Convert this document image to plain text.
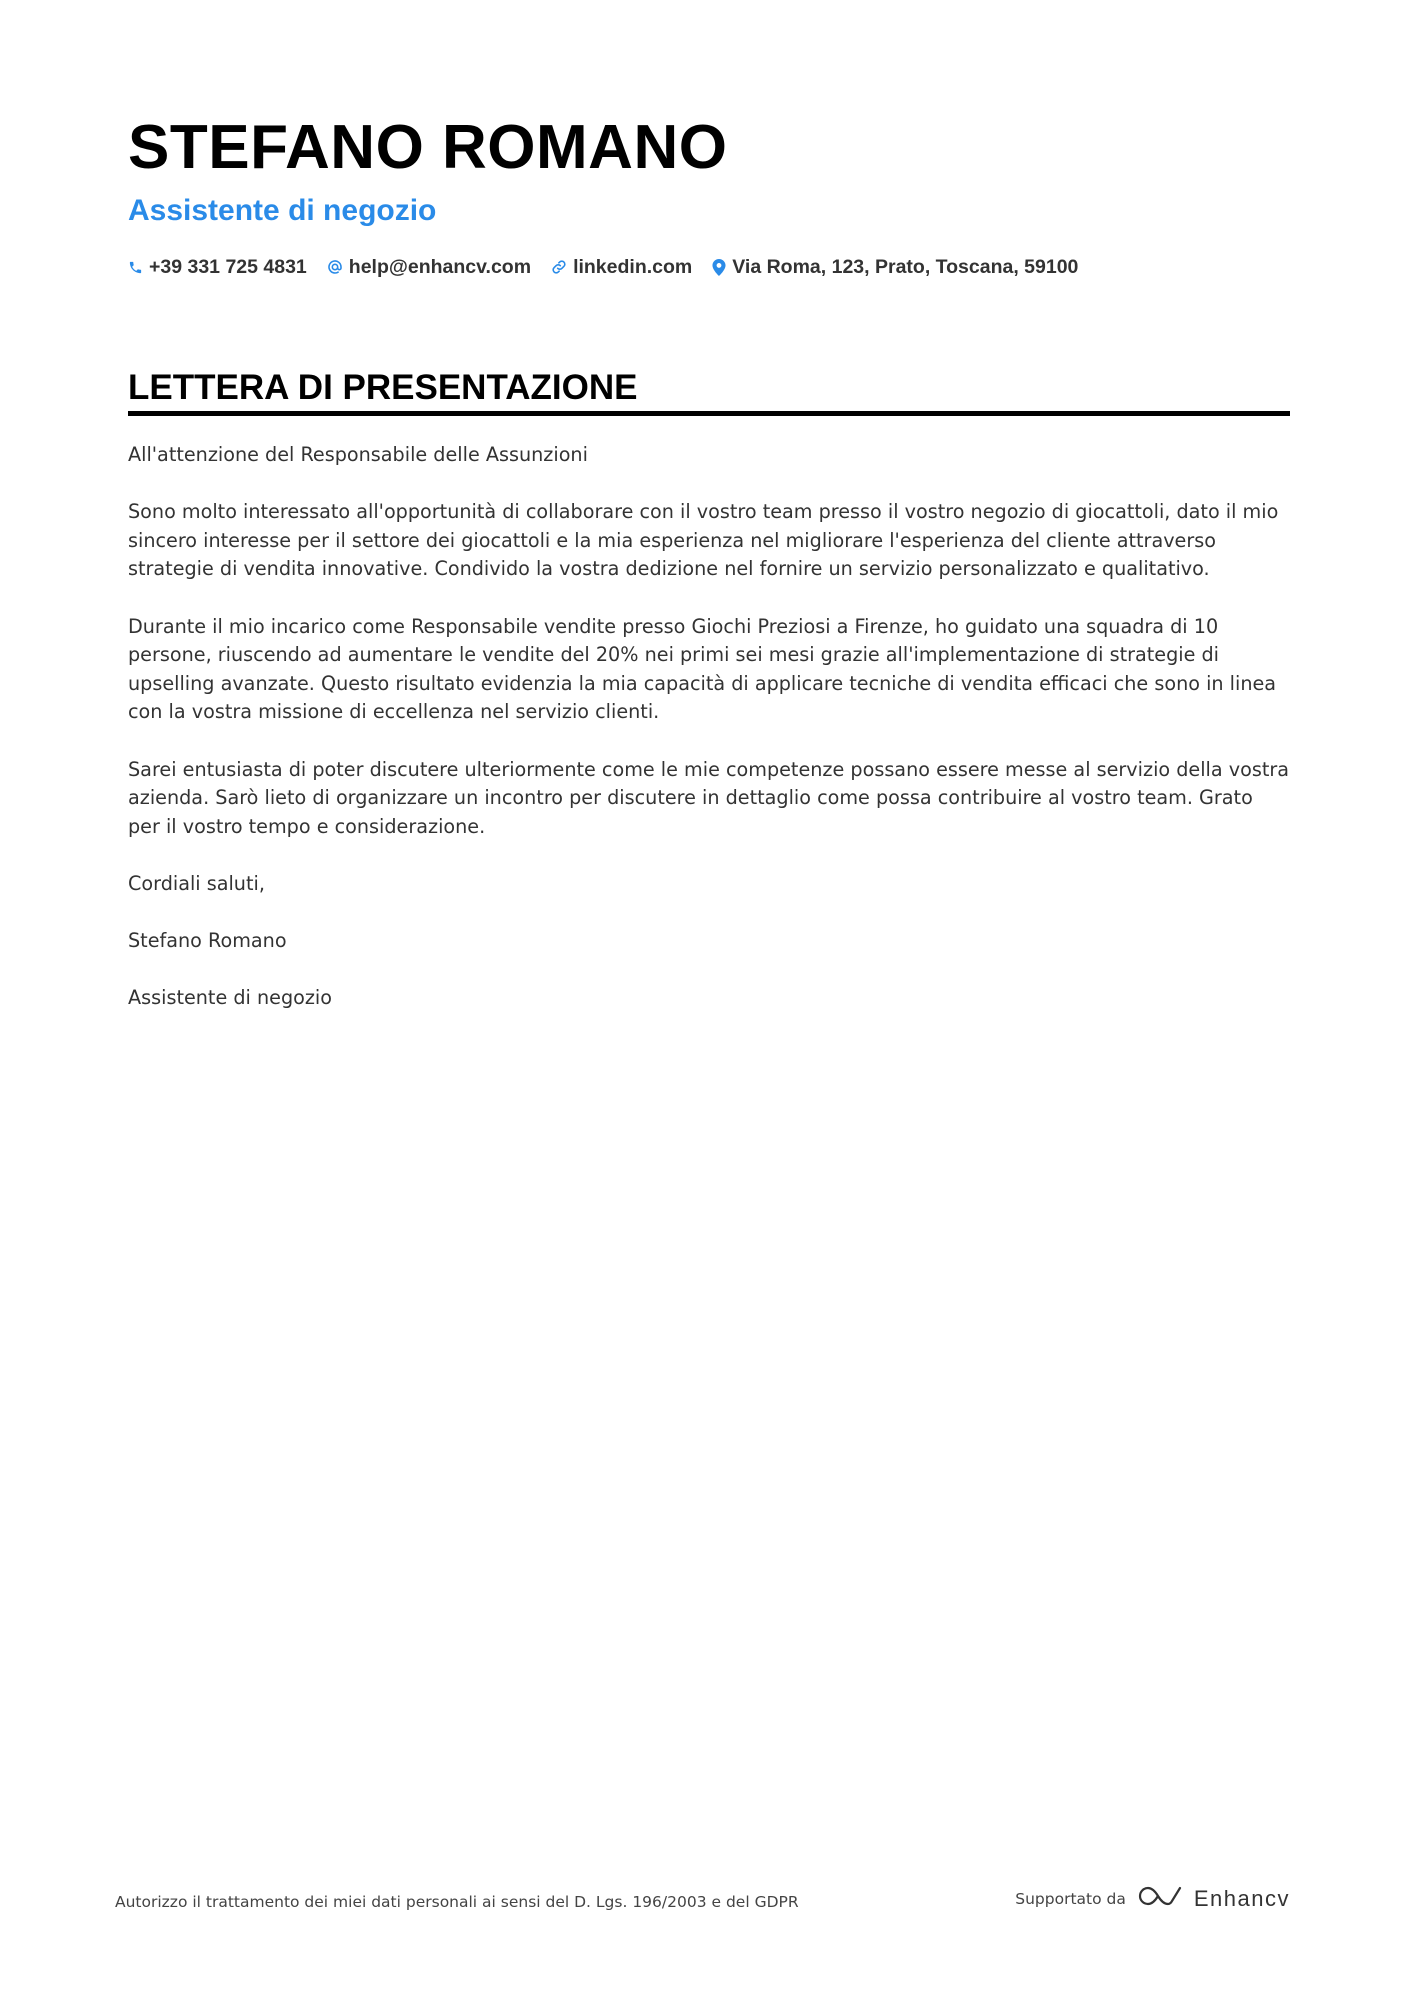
STEFANO ROMANO
Assistente di negozio
+39 331 725 4831 help@enhancv.com linkedin.com Via Roma, 123, Prato, Toscana, 59100
LETTERA DI PRESENTAZIONE

All'attenzione del Responsabile delle Assunzioni

Sono molto interessato all'opportunità di collaborare con il vostro team presso il vostro negozio di giocattoli, dato il mio sincero interesse per il settore dei giocattoli e la mia esperienza nel migliorare l'esperienza del cliente attraverso strategie di vendita innovative. Condivido la vostra dedizione nel fornire un servizio personalizzato e qualitativo.

Durante il mio incarico come Responsabile vendite presso Giochi Preziosi a Firenze, ho guidato una squadra di 10 persone, riuscendo ad aumentare le vendite del 20% nei primi sei mesi grazie all'implementazione di strategie di upselling avanzate. Questo risultato evidenzia la mia capacità di applicare tecniche di vendita efficaci che sono in linea con la vostra missione di eccellenza nel servizio clienti.

Sarei entusiasta di poter discutere ulteriormente come le mie competenze possano essere messe al servizio della vostra azienda. Sarò lieto di organizzare un incontro per discutere in dettaglio come possa contribuire al vostro team. Grato per il vostro tempo e considerazione.

Cordiali saluti,

Stefano Romano

Assistente di negozio

Autorizzo il trattamento dei miei dati personali ai sensi del D. Lgs. 196/2003 e del GDPR	Supportato da	Enhancv
